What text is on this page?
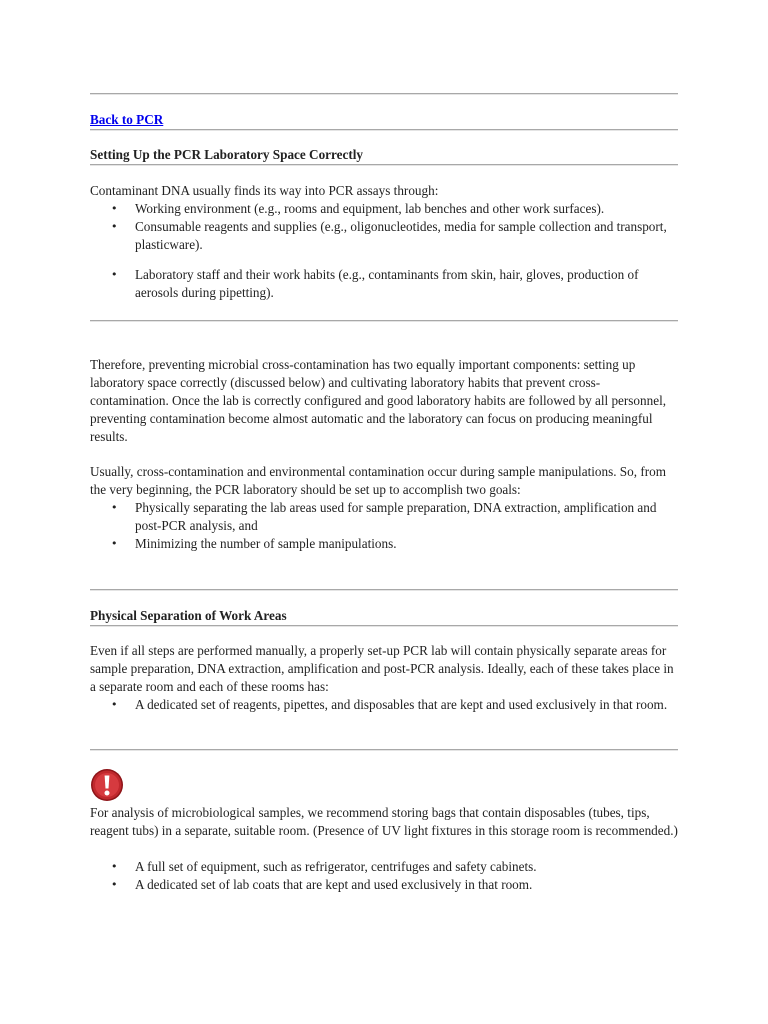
Back to PCR
Setting Up the PCR Laboratory Space Correctly
Contaminant DNA usually finds its way into PCR assays through:
• Working environment (e.g., rooms and equipment, lab benches and other work surfaces).
• Consumable reagents and supplies (e.g., oligonucleotides, media for sample collection and transport, plasticware).
• Laboratory staff and their work habits (e.g., contaminants from skin, hair, gloves, production of aerosols during pipetting).
Therefore, preventing microbial cross-contamination has two equally important components: setting up laboratory space correctly (discussed below) and cultivating laboratory habits that prevent cross-contamination. Once the lab is correctly configured and good laboratory habits are followed by all personnel, preventing contamination become almost automatic and the laboratory can focus on producing meaningful results.
Usually, cross-contamination and environmental contamination occur during sample manipulations. So, from the very beginning, the PCR laboratory should be set up to accomplish two goals:
• Physically separating the lab areas used for sample preparation, DNA extraction, amplification and post-PCR analysis, and
• Minimizing the number of sample manipulations.
Physical Separation of Work Areas
Even if all steps are performed manually, a properly set-up PCR lab will contain physically separate areas for sample preparation, DNA extraction, amplification and post-PCR analysis. Ideally, each of these takes place in a separate room and each of these rooms has:
• A dedicated set of reagents, pipettes, and disposables that are kept and used exclusively in that room.
For analysis of microbiological samples, we recommend storing bags that contain disposables (tubes, tips, reagent tubs) in a separate, suitable room. (Presence of UV light fixtures in this storage room is recommended.)
• A full set of equipment, such as refrigerator, centrifuges and safety cabinets.
• A dedicated set of lab coats that are kept and used exclusively in that room.
